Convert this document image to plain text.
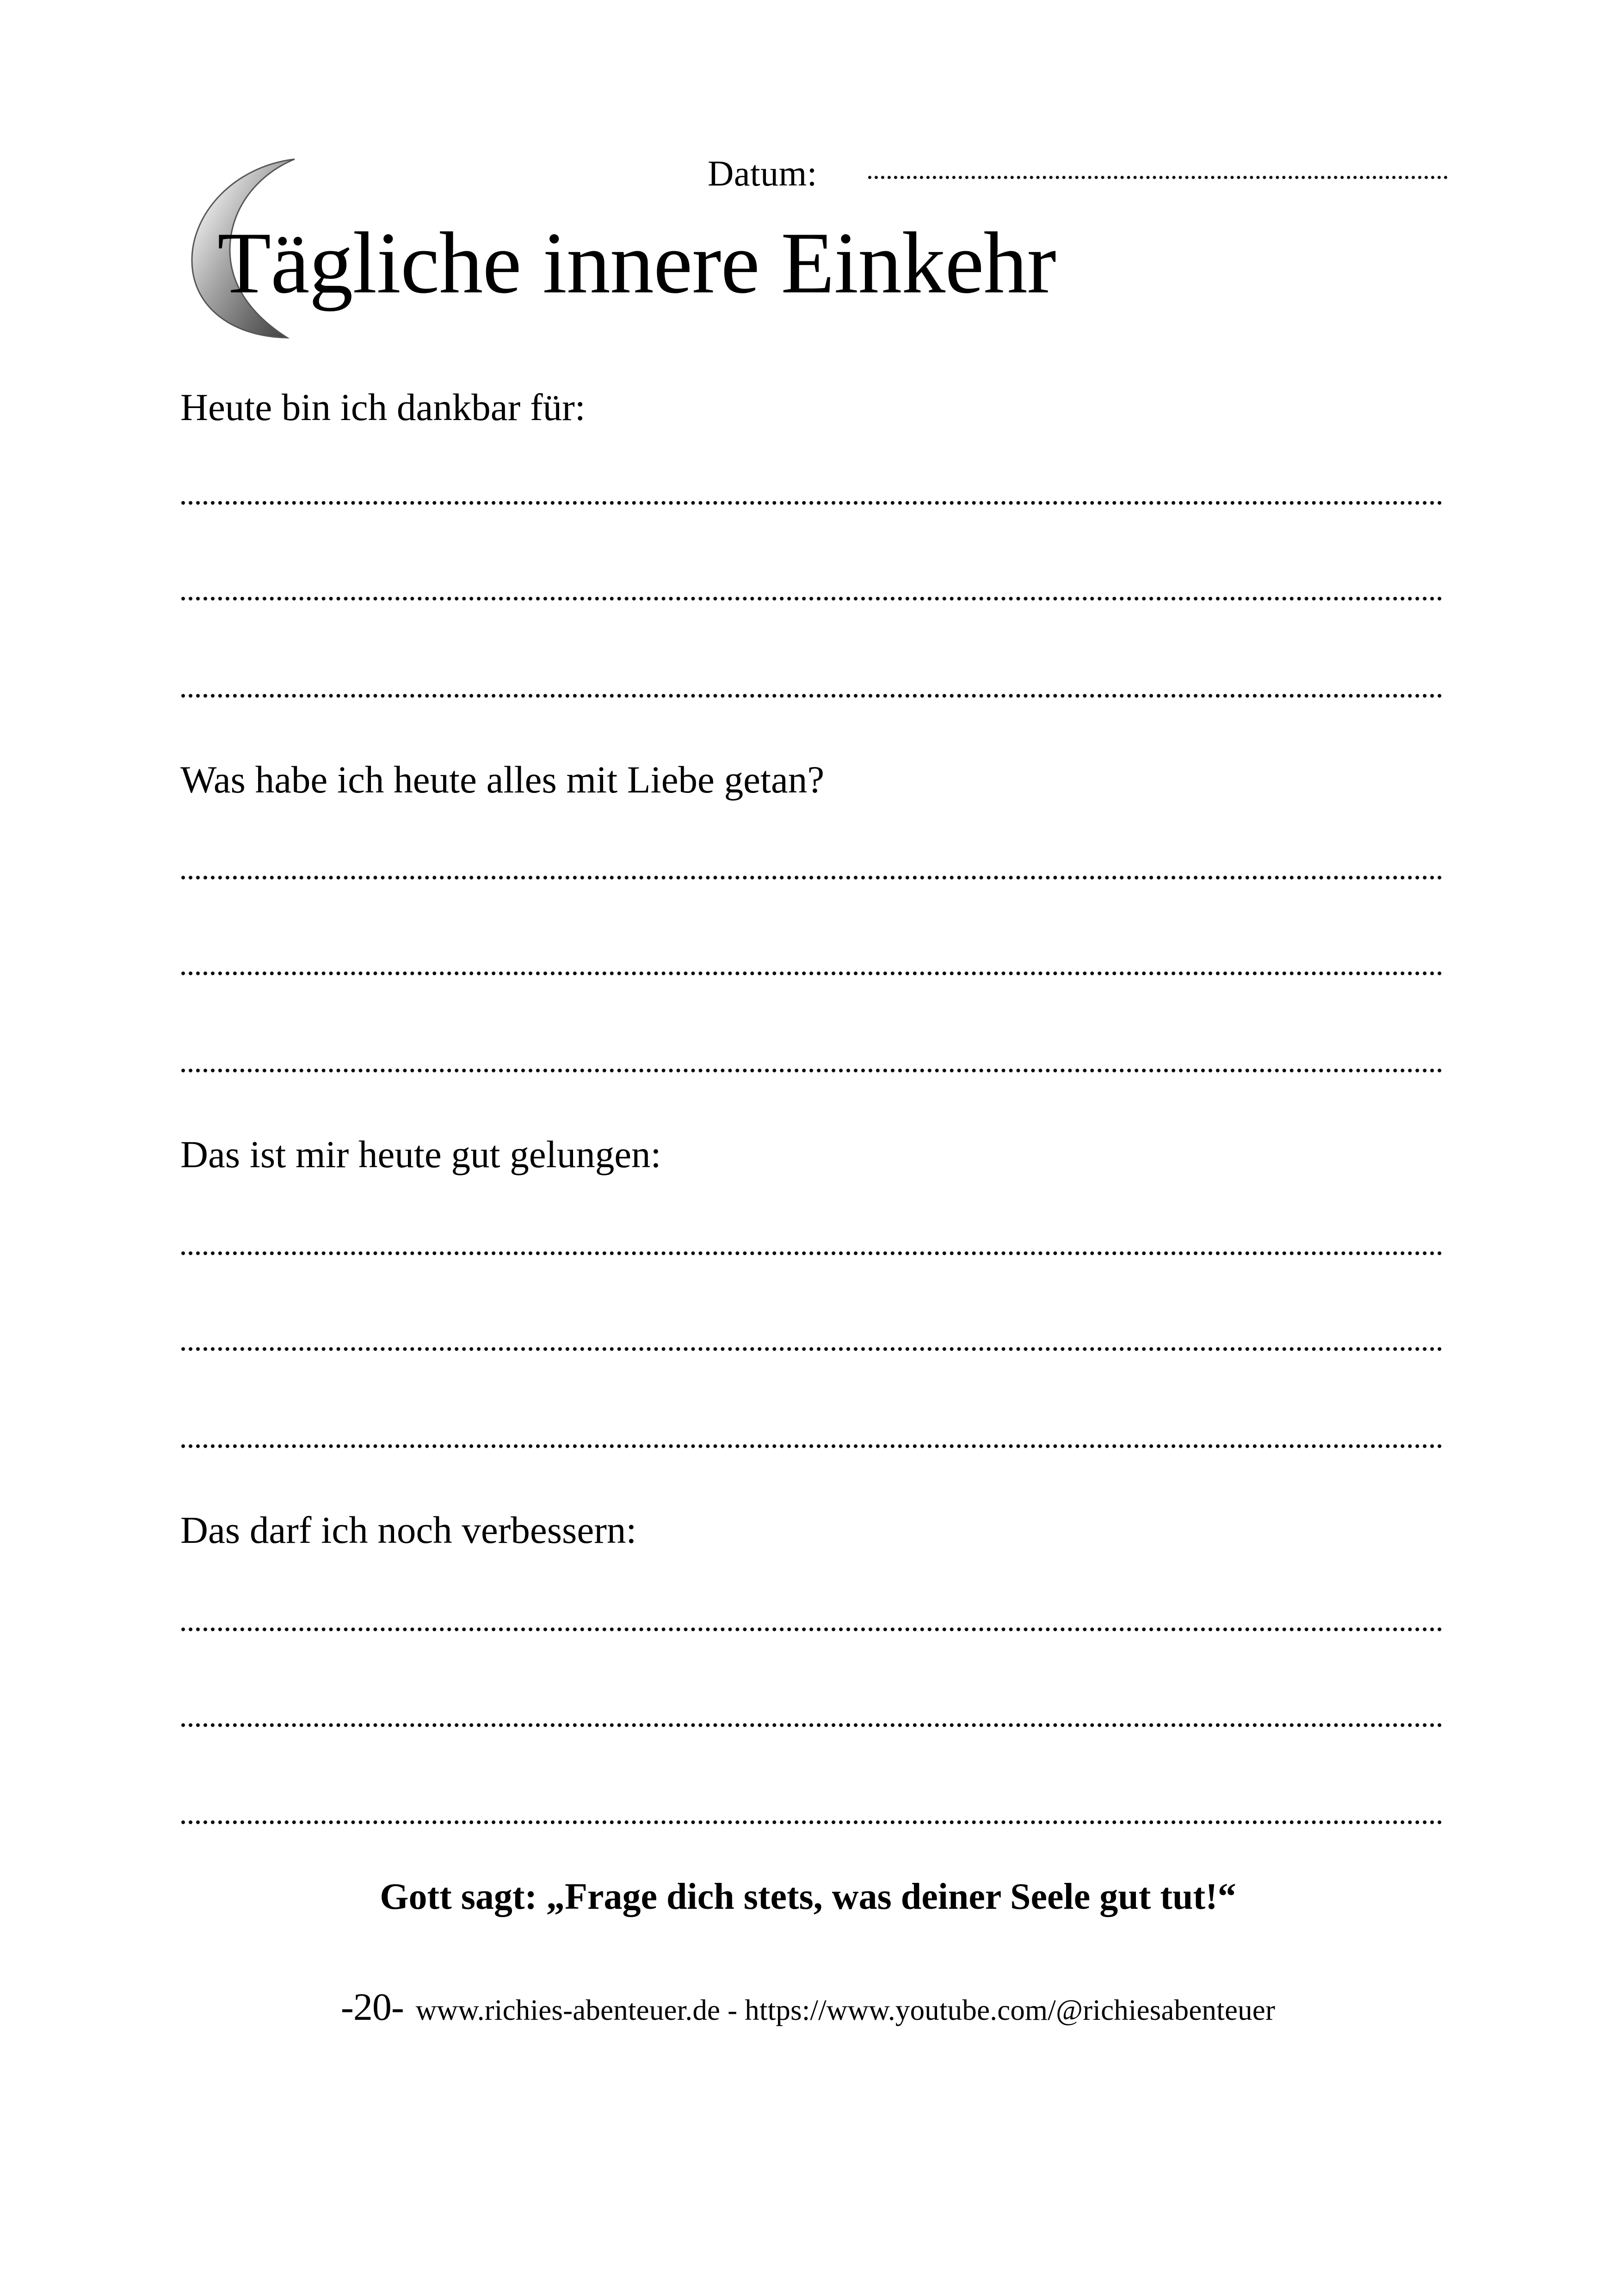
Datum:
Tägliche innere Einkehr
Heute bin ich dankbar für:
Was habe ich heute alles mit Liebe getan?
Das ist mir heute gut gelungen:
Das darf ich noch verbessern:
Gott sagt: „Frage dich stets, was deiner Seele gut tut!“
-20- www.richies-abenteuer.de - https://www.youtube.com/@richiesabenteuer
